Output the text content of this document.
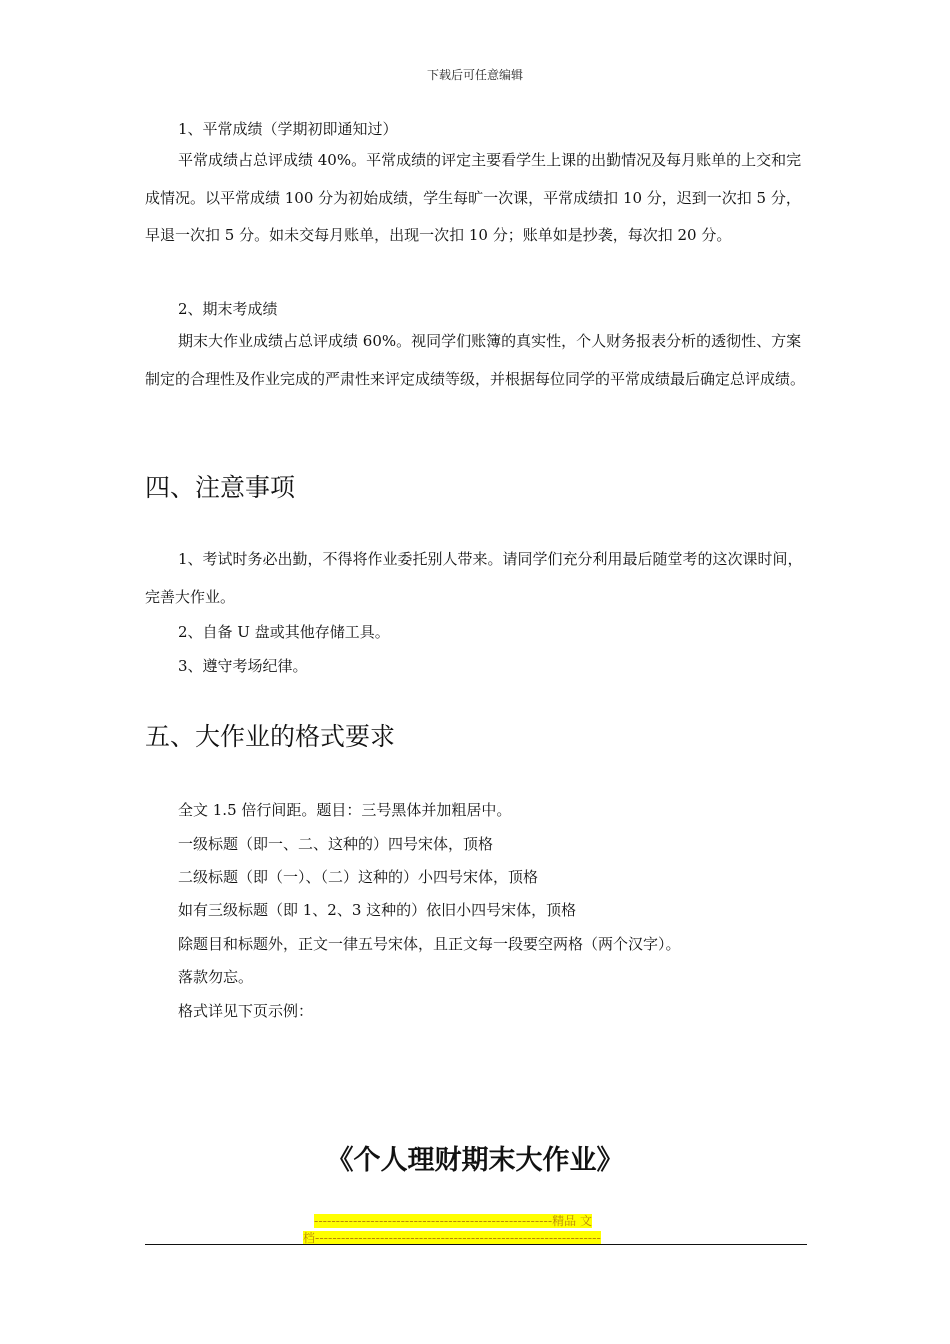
下载后可任意编辑

1、平常成绩（学期初即通知过）

平常成绩占总评成绩 40%。平常成绩的评定主要看学生上课的出勤情况及每月账单的上交和完成情况。以平常成绩 100 分为初始成绩，学生每旷一次课，平常成绩扣 10 分，迟到一次扣 5 分，早退一次扣 5 分。如未交每月账单，出现一次扣 10 分；账单如是抄袭，每次扣 20 分。

2、期末考成绩

期末大作业成绩占总评成绩 60%。视同学们账簿的真实性，个人财务报表分析的透彻性、方案制定的合理性及作业完成的严肃性来评定成绩等级，并根据每位同学的平常成绩最后确定总评成绩。

四、注意事项

1、考试时务必出勤，不得将作业委托别人带来。请同学们充分利用最后随堂考的这次课时间，完善大作业。

2、自备 U 盘或其他存储工具。

3、遵守考场纪律。

五、大作业的格式要求

全文 1.5 倍行间距。题目：三号黑体并加粗居中。

一级标题（即一、二、这种的）四号宋体，顶格

二级标题（即（一）、（二）这种的）小四号宋体，顶格

如有三级标题（即 1、2、3 这种的）依旧小四号宋体，顶格

除题目和标题外，正文一律五号宋体，且正文每一段要空两格（两个汉字）。

落款勿忘。

格式详见下页示例：

《个人理财期末大作业》
-------------------------------------------------------精品 文
档------------------------------------------------------------------
